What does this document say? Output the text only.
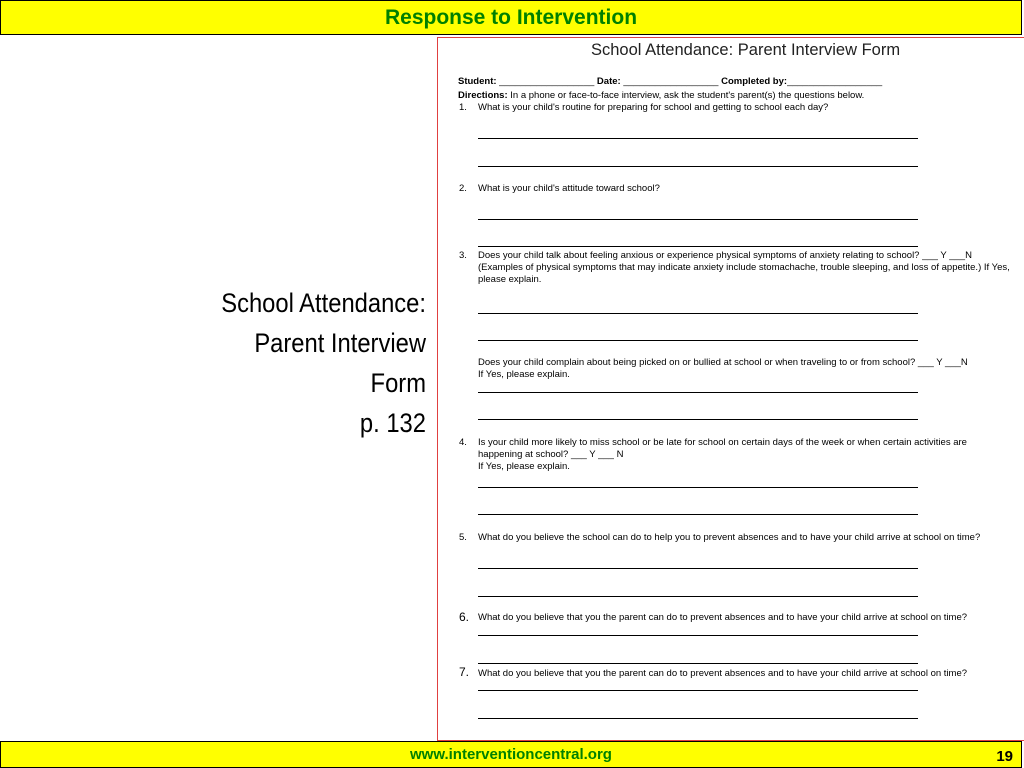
Response to Intervention
School Attendance:
Parent Interview
Form
p. 132
School Attendance: Parent Interview Form
Student: __________________ Date: __________________ Completed by:__________________
Directions: In a phone or face-to-face interview, ask the student's parent(s) the questions below.
1. What is your child's routine for preparing for school and getting to school each day?
2. What is your child's attitude toward school?
3. Does your child talk about feeling anxious or experience physical symptoms of anxiety relating to school? ___ Y ___N
(Examples of physical symptoms that may indicate anxiety include stomachache, trouble sleeping, and loss of appetite.) If Yes,
please explain.
Does your child complain about being picked on or bullied at school or when traveling to or from school? ___ Y ___N
If Yes, please explain.
4. Is your child more likely to miss school or be late for school on certain days of the week or when certain activities are
happening at school? ___ Y ___ N
If Yes, please explain.
5. What do you believe the school can do to help you to prevent absences and to have your child arrive at school on time?
6. What do you believe that you the parent can do to prevent absences and to have your child arrive at school on time?
7. What do you believe that you the parent can do to prevent absences and to have your child arrive at school on time?
www.interventioncentral.org	19
